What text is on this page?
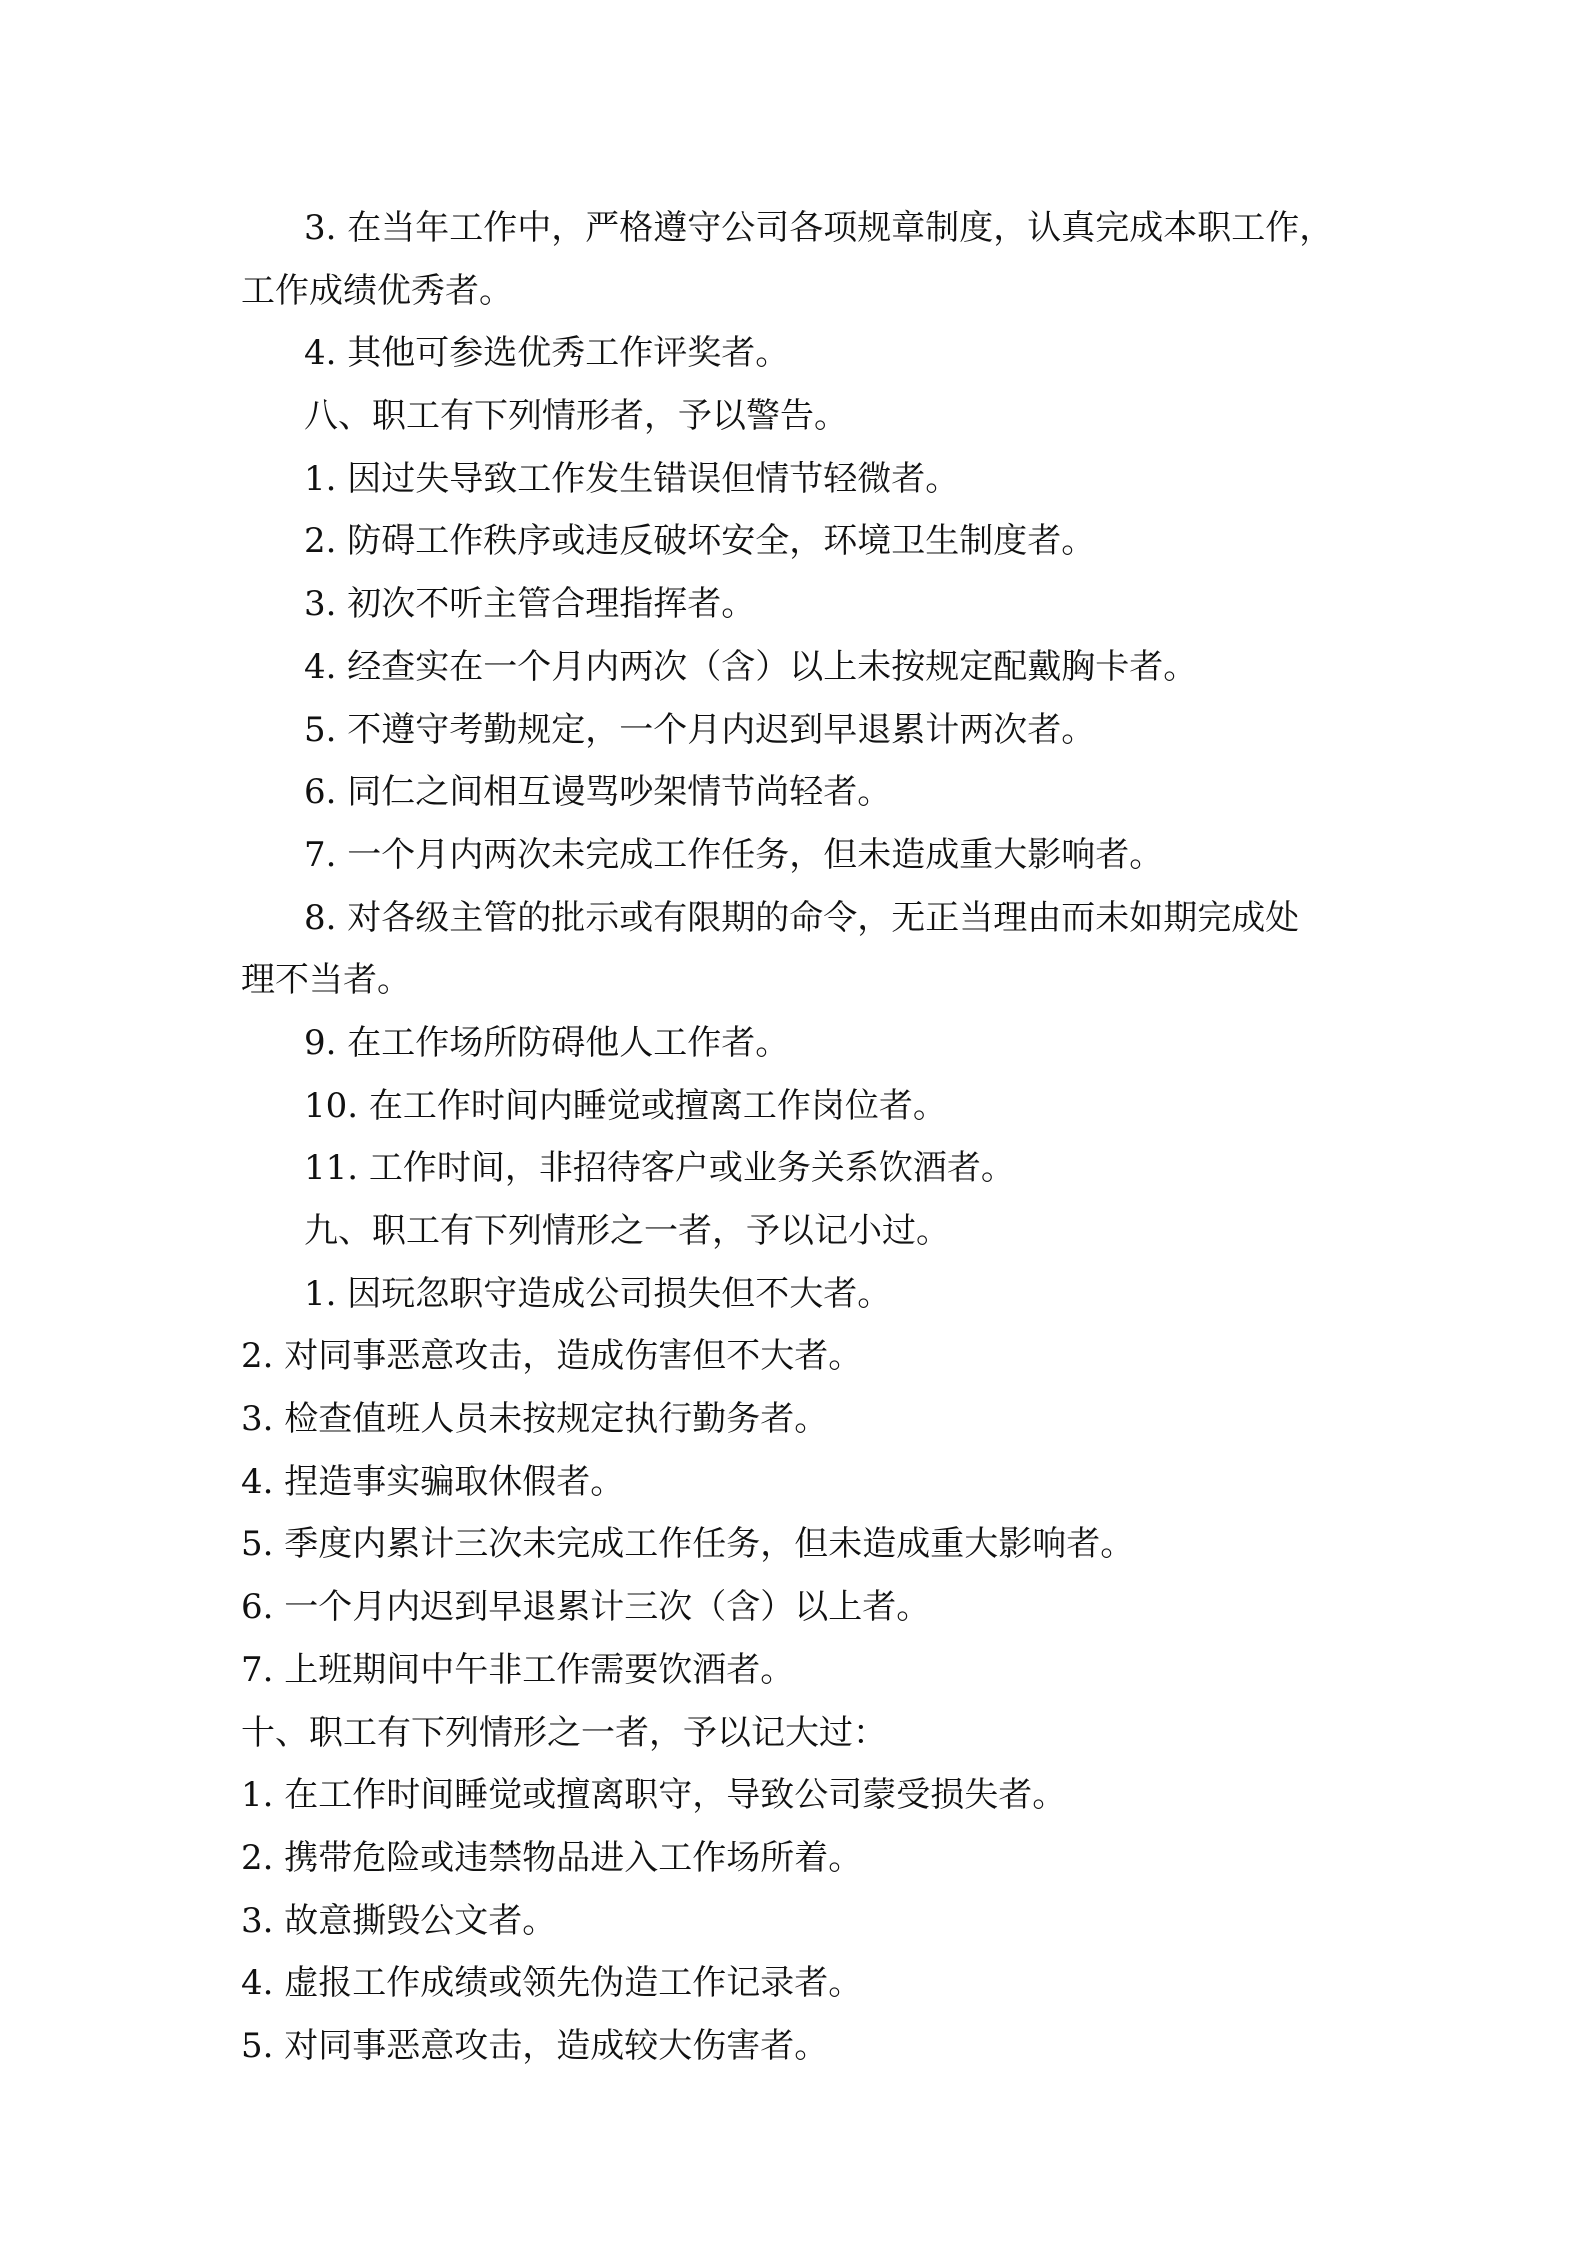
3. 在当年工作中，严格遵守公司各项规章制度，认真完成本职工作，
工作成绩优秀者。
4. 其他可参选优秀工作评奖者。
八、职工有下列情形者，予以警告。
1. 因过失导致工作发生错误但情节轻微者。
2. 防碍工作秩序或违反破坏安全，环境卫生制度者。
3. 初次不听主管合理指挥者。
4. 经查实在一个月内两次（含）以上未按规定配戴胸卡者。
5. 不遵守考勤规定，一个月内迟到早退累计两次者。
6. 同仁之间相互谩骂吵架情节尚轻者。
7. 一个月内两次未完成工作任务，但未造成重大影响者。
8. 对各级主管的批示或有限期的命令，无正当理由而未如期完成处
理不当者。
9. 在工作场所防碍他人工作者。
10. 在工作时间内睡觉或擅离工作岗位者。
11. 工作时间，非招待客户或业务关系饮酒者。
九、职工有下列情形之一者，予以记小过。
1. 因玩忽职守造成公司损失但不大者。
2. 对同事恶意攻击，造成伤害但不大者。
3. 检查值班人员未按规定执行勤务者。
4. 捏造事实骗取休假者。
5. 季度内累计三次未完成工作任务，但未造成重大影响者。
6. 一个月内迟到早退累计三次（含）以上者。
7. 上班期间中午非工作需要饮酒者。
十、职工有下列情形之一者，予以记大过：
1. 在工作时间睡觉或擅离职守，导致公司蒙受损失者。
2. 携带危险或违禁物品进入工作场所着。
3. 故意撕毁公文者。
4. 虚报工作成绩或领先伪造工作记录者。
5. 对同事恶意攻击，造成较大伤害者。
